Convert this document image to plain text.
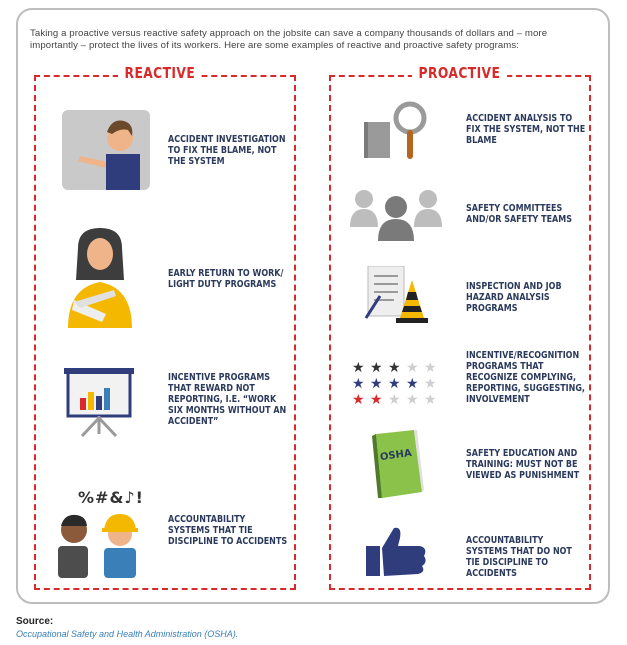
Taking a proactive versus reactive safety approach on the jobsite can save a company thousands of dollars and – more importantly – protect the lives of its workers. Here are some examples of reactive and proactive safety programs:
REACTIVE	PROACTIVE
%#&♪!
★ ★ ★ ★ ★
★ ★ ★ ★ ★
★ ★ ★ ★ ★
OSHA
ACCIDENT INVESTIGATION TO FIX THE BLAME, NOT THE SYSTEM
EARLY RETURN TO WORK/ LIGHT DUTY PROGRAMS
INCENTIVE PROGRAMS THAT REWARD NOT REPORTING, I.E. “WORK SIX MONTHS WITHOUT AN ACCIDENT”
ACCOUNTABILITY SYSTEMS THAT TIE DISCIPLINE TO ACCIDENTS
ACCIDENT ANALYSIS TO FIX THE SYSTEM, NOT THE BLAME
SAFETY COMMITTEES AND/OR SAFETY TEAMS
INSPECTION AND JOB HAZARD ANALYSIS PROGRAMS
INCENTIVE/RECOGNITION PROGRAMS THAT RECOGNIZE COMPLYING, REPORTING, SUGGESTING, INVOLVEMENT
SAFETY EDUCATION AND TRAINING: MUST NOT BE VIEWED AS PUNISHMENT
ACCOUNTABILITY SYSTEMS THAT DO NOT TIE DISCIPLINE TO ACCIDENTS
Source:
Occupational Safety and Health Administration (OSHA).
